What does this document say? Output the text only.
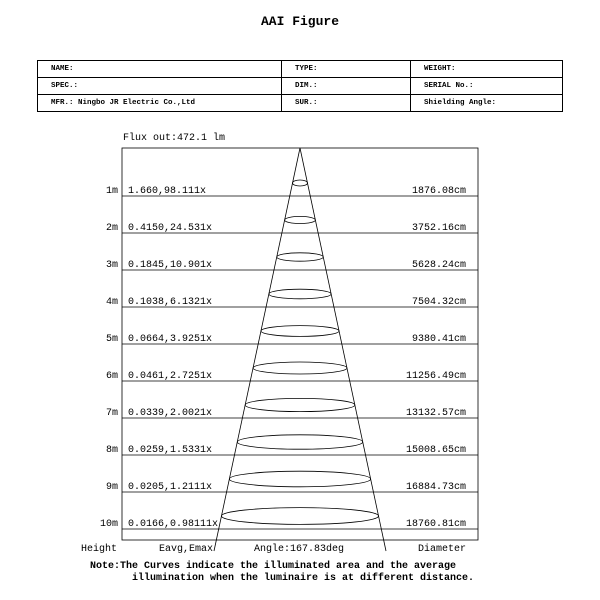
AAI Figure
NAME:	TYPE:	WEIGHT:
SPEC.:	DIM.:	SERIAL No.:
MFR.: Ningbo JR Electric Co.,Ltd	SUR.:	Shielding Angle:
Flux out:472.1 lm
1m 1.660,98.111x	1876.08cm
2m 0.4150,24.531x	3752.16cm
3m 0.1845,10.901x	5628.24cm
4m 0.1038,6.1321x	7504.32cm
5m 0.0664,3.9251x	9380.41cm
6m 0.0461,2.7251x	11256.49cm
7m 0.0339,2.0021x	13132.57cm
8m 0.0259,1.5331x	15008.65cm
9m 0.0205,1.2111x	16884.73cm
10m 0.0166,0.98111x	18760.81cm
Height	Eavg,Emax	Angle:167.83deg	Diameter
Note:The Curves indicate the illuminated area and the average
illumination when the luminaire is at different distance.
